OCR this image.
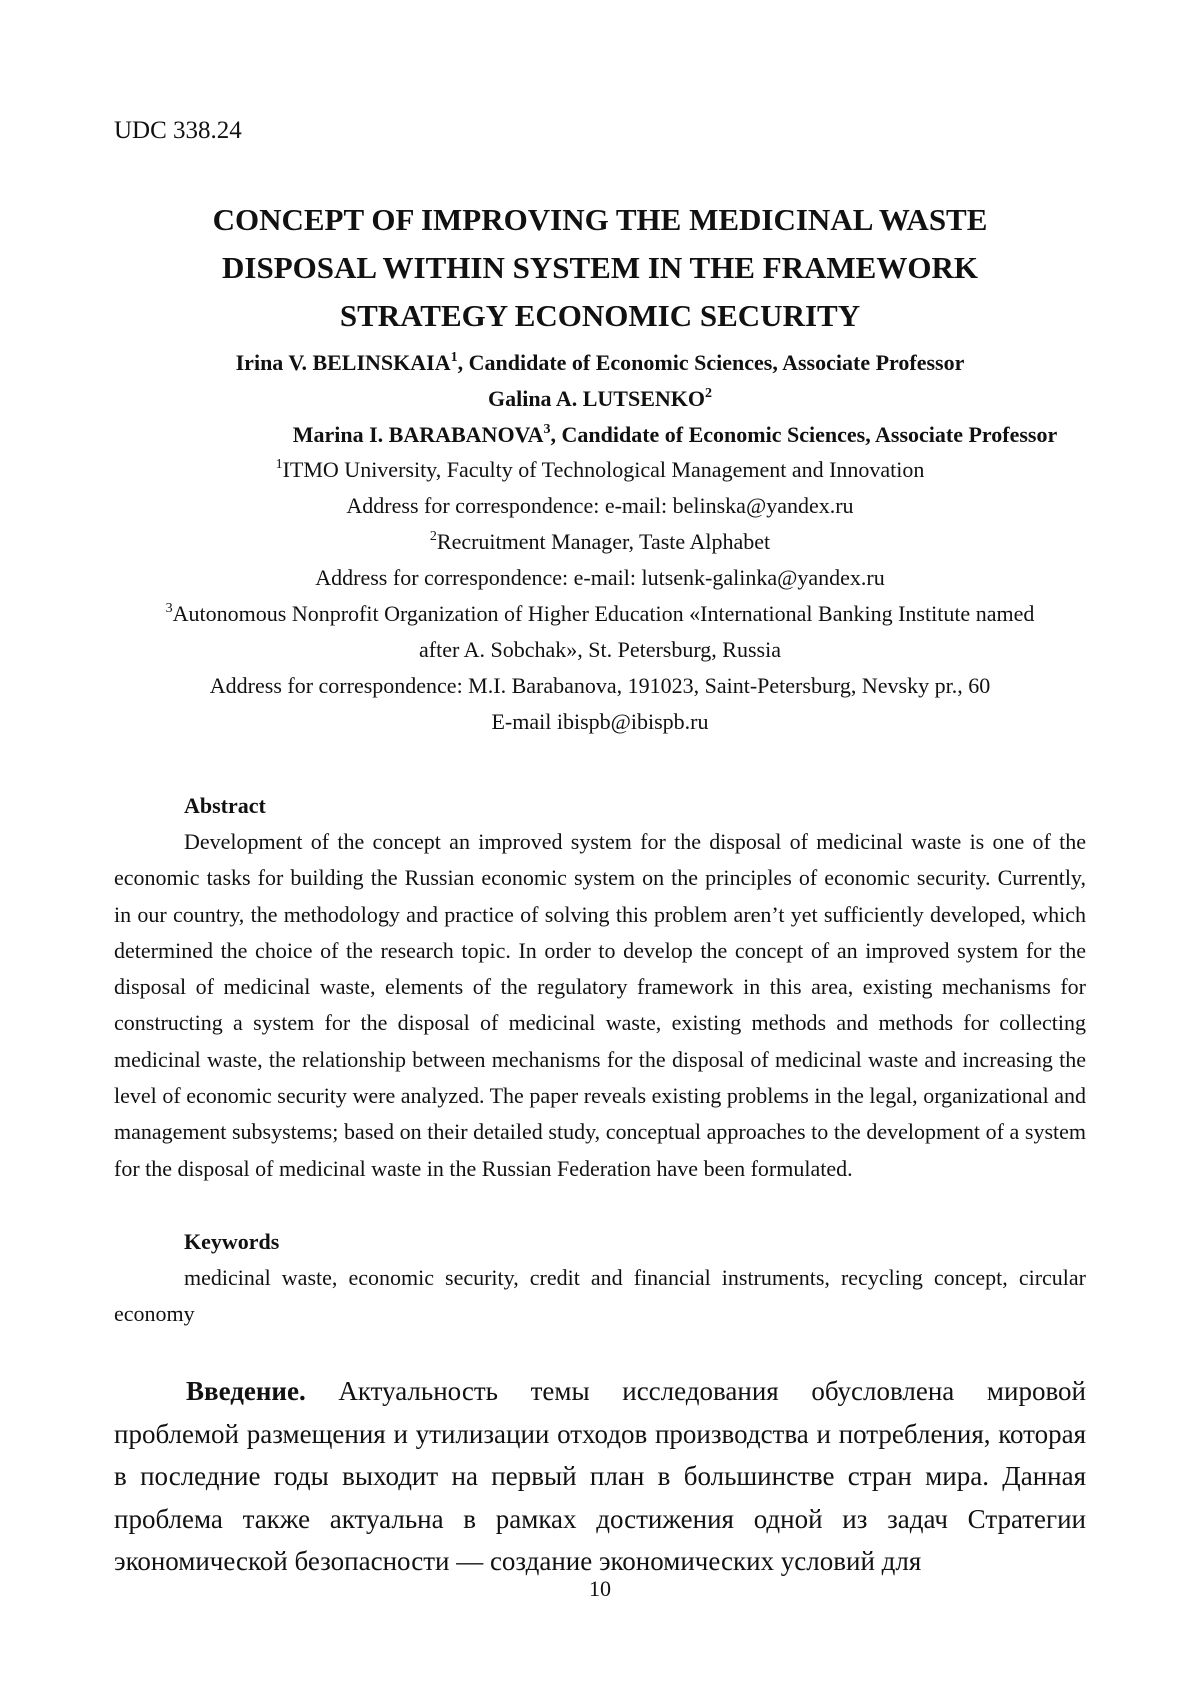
UDC 338.24
CONCEPT OF IMPROVING THE MEDICINAL WASTE
DISPOSAL WITHIN SYSTEM IN THE FRAMEWORK
STRATEGY ECONOMIC SECURITY
Irina V. BELINSKAIA$^1$, Candidate of Economic Sciences, Associate Professor
Galina A. LUTSENKO$^2$
Marina I. BARABANOVA$^3$, Candidate of Economic Sciences, Associate Professor
$^1$ITMO University, Faculty of Technological Management and Innovation
Address for correspondence: e-mail: belinska@yandex.ru
$^2$Recruitment Manager, Taste Alphabet
Address for correspondence: e-mail: lutsenk-galinka@yandex.ru
$^3$Autonomous Nonprofit Organization of Higher Education «International Banking Institute named
after A. Sobchak», St. Petersburg, Russia
Address for correspondence: M.I. Barabanova, 191023, Saint-Petersburg, Nevsky pr., 60
E-mail ibispb@ibispb.ru
Abstract

Development of the concept an improved system for the disposal of medicinal waste is one of the economic tasks for building the Russian economic system on the principles of economic security. Currently, in our country, the methodology and practice of solving this problem aren’t yet sufficiently developed, which determined the choice of the research topic. In order to develop the concept of an improved system for the disposal of medicinal waste, elements of the regulatory framework in this area, existing mechanisms for constructing a system for the disposal of medicinal waste, existing methods and methods for collecting medicinal waste, the relationship between mechanisms for the disposal of medicinal waste and increasing the level of economic security were analyzed. The paper reveals existing problems in the legal, organizational and management subsystems; based on their detailed study, conceptual approaches to the development of a system for the disposal of medicinal waste in the Russian Federation have been formulated.

Keywords

medicinal waste, economic security, credit and financial instruments, recycling concept, circular economy

Введение. Актуальность темы исследования обусловлена мировой проблемой размещения и утилизации отходов производства и потребления, которая в последние годы выходит на первый план в большинстве стран мира. Данная проблема также актуальна в рамках достижения одной из задач Стратегии экономической безопасности — создание экономических условий для

10
